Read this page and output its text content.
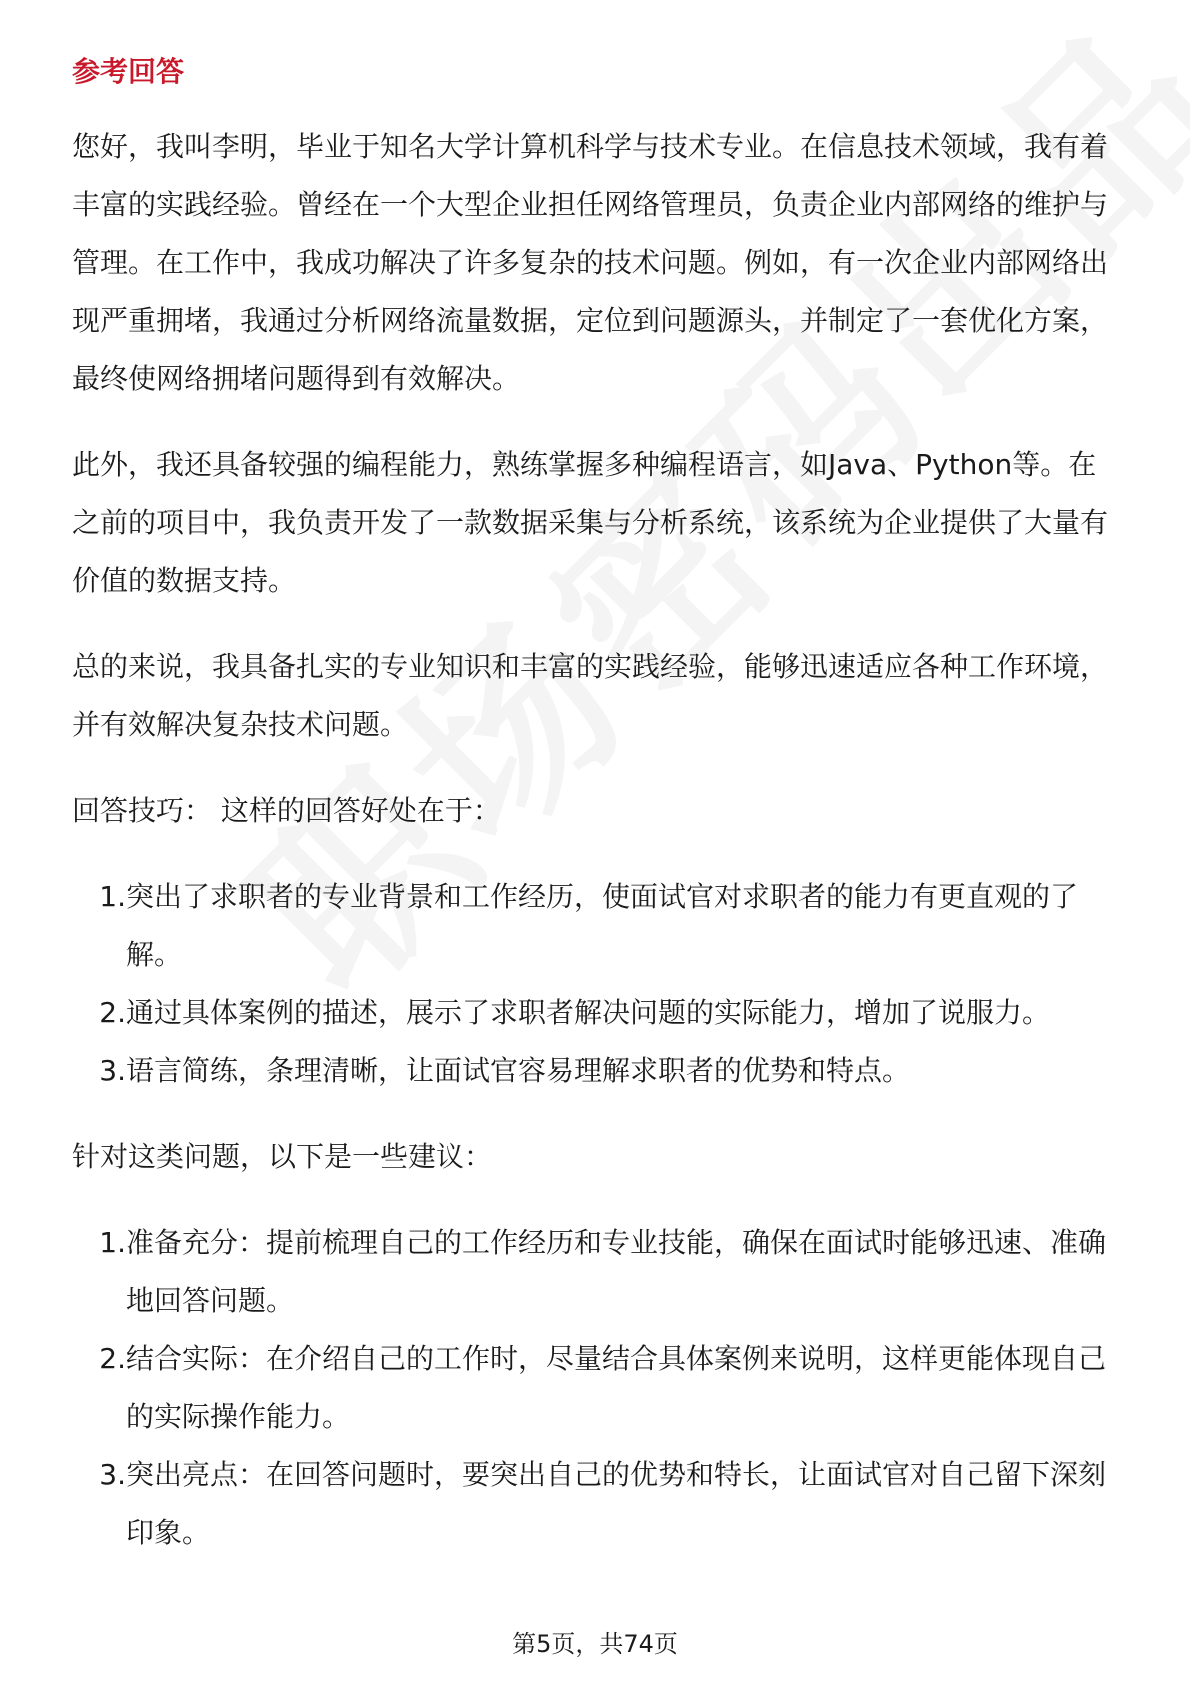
参考回答

您好，我叫李明，毕业于知名大学计算机科学与技术专业。在信息技术领域，我有着丰富的实践经验。曾经在一个大型企业担任网络管理员，负责企业内部网络的维护与管理。在工作中，我成功解决了许多复杂的技术问题。例如，有一次企业内部网络出现严重拥堵，我通过分析网络流量数据，定位到问题源头，并制定了一套优化方案，最终使网络拥堵问题得到有效解决。

此外，我还具备较强的编程能力，熟练掌握多种编程语言，如Java、Python等。在之前的项目中，我负责开发了一款数据采集与分析系统，该系统为企业提供了大量有价值的数据支持。

总的来说，我具备扎实的专业知识和丰富的实践经验，能够迅速适应各种工作环境，并有效解决复杂技术问题。

回答技巧： 这样的回答好处在于：

1. 突出了求职者的专业背景和工作经历，使面试官对求职者的能力有更直观的了解。
2. 通过具体案例的描述，展示了求职者解决问题的实际能力，增加了说服力。
3. 语言简练，条理清晰，让面试官容易理解求职者的优势和特点。

针对这类问题，以下是一些建议：

1. 准备充分：提前梳理自己的工作经历和专业技能，确保在面试时能够迅速、准确地回答问题。
2. 结合实际：在介绍自己的工作时，尽量结合具体案例来说明，这样更能体现自己的实际操作能力。
3. 突出亮点：在回答问题时，要突出自己的优势和特长，让面试官对自己留下深刻印象。
第5页，共74页
